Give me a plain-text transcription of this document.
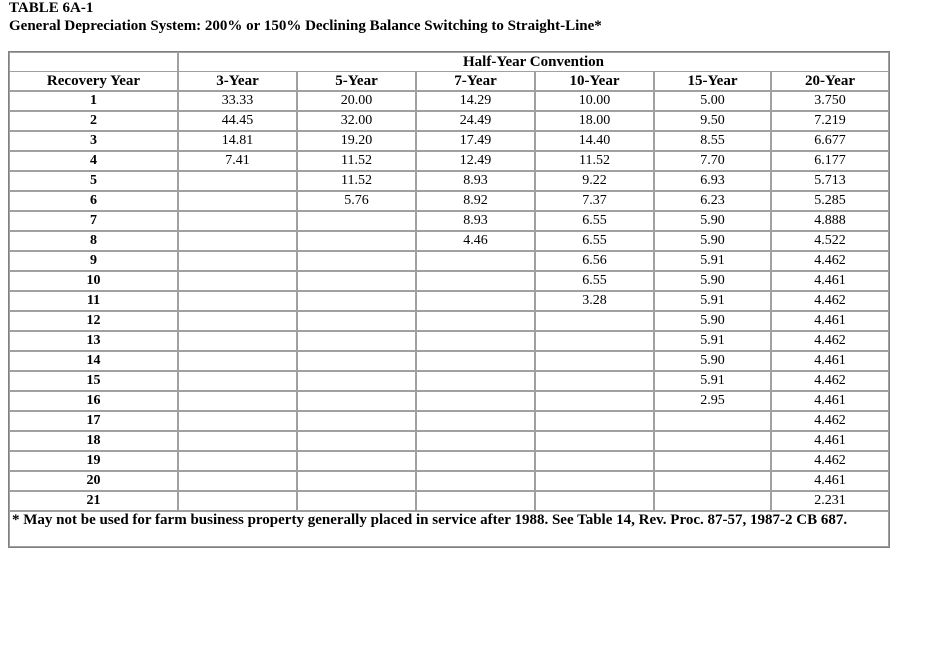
TABLE 6A-1
General Depreciation System: 200% or 150% Declining Balance Switching to Straight-Line*
	Half-Year Convention					
Recovery Year	3-Year	5-Year	7-Year	10-Year	15-Year	20-Year
1	33.33	20.00	14.29	10.00	5.00	3.750
2	44.45	32.00	24.49	18.00	9.50	7.219
3	14.81	19.20	17.49	14.40	8.55	6.677
4	7.41	11.52	12.49	11.52	7.70	6.177
5		11.52	8.93	9.22	6.93	5.713
6		5.76	8.92	7.37	6.23	5.285
7			8.93	6.55	5.90	4.888
8			4.46	6.55	5.90	4.522
9				6.56	5.91	4.462
10				6.55	5.90	4.461
11				3.28	5.91	4.462
12					5.90	4.461
13					5.91	4.462
14					5.90	4.461
15					5.91	4.462
16					2.95	4.461
17						4.462
18						4.461
19						4.462
20						4.461
21						2.231
* May not be used for farm business property generally placed in service after 1988. See Table 14, Rev. Proc. 87-57, 1987-2 CB 687.						
